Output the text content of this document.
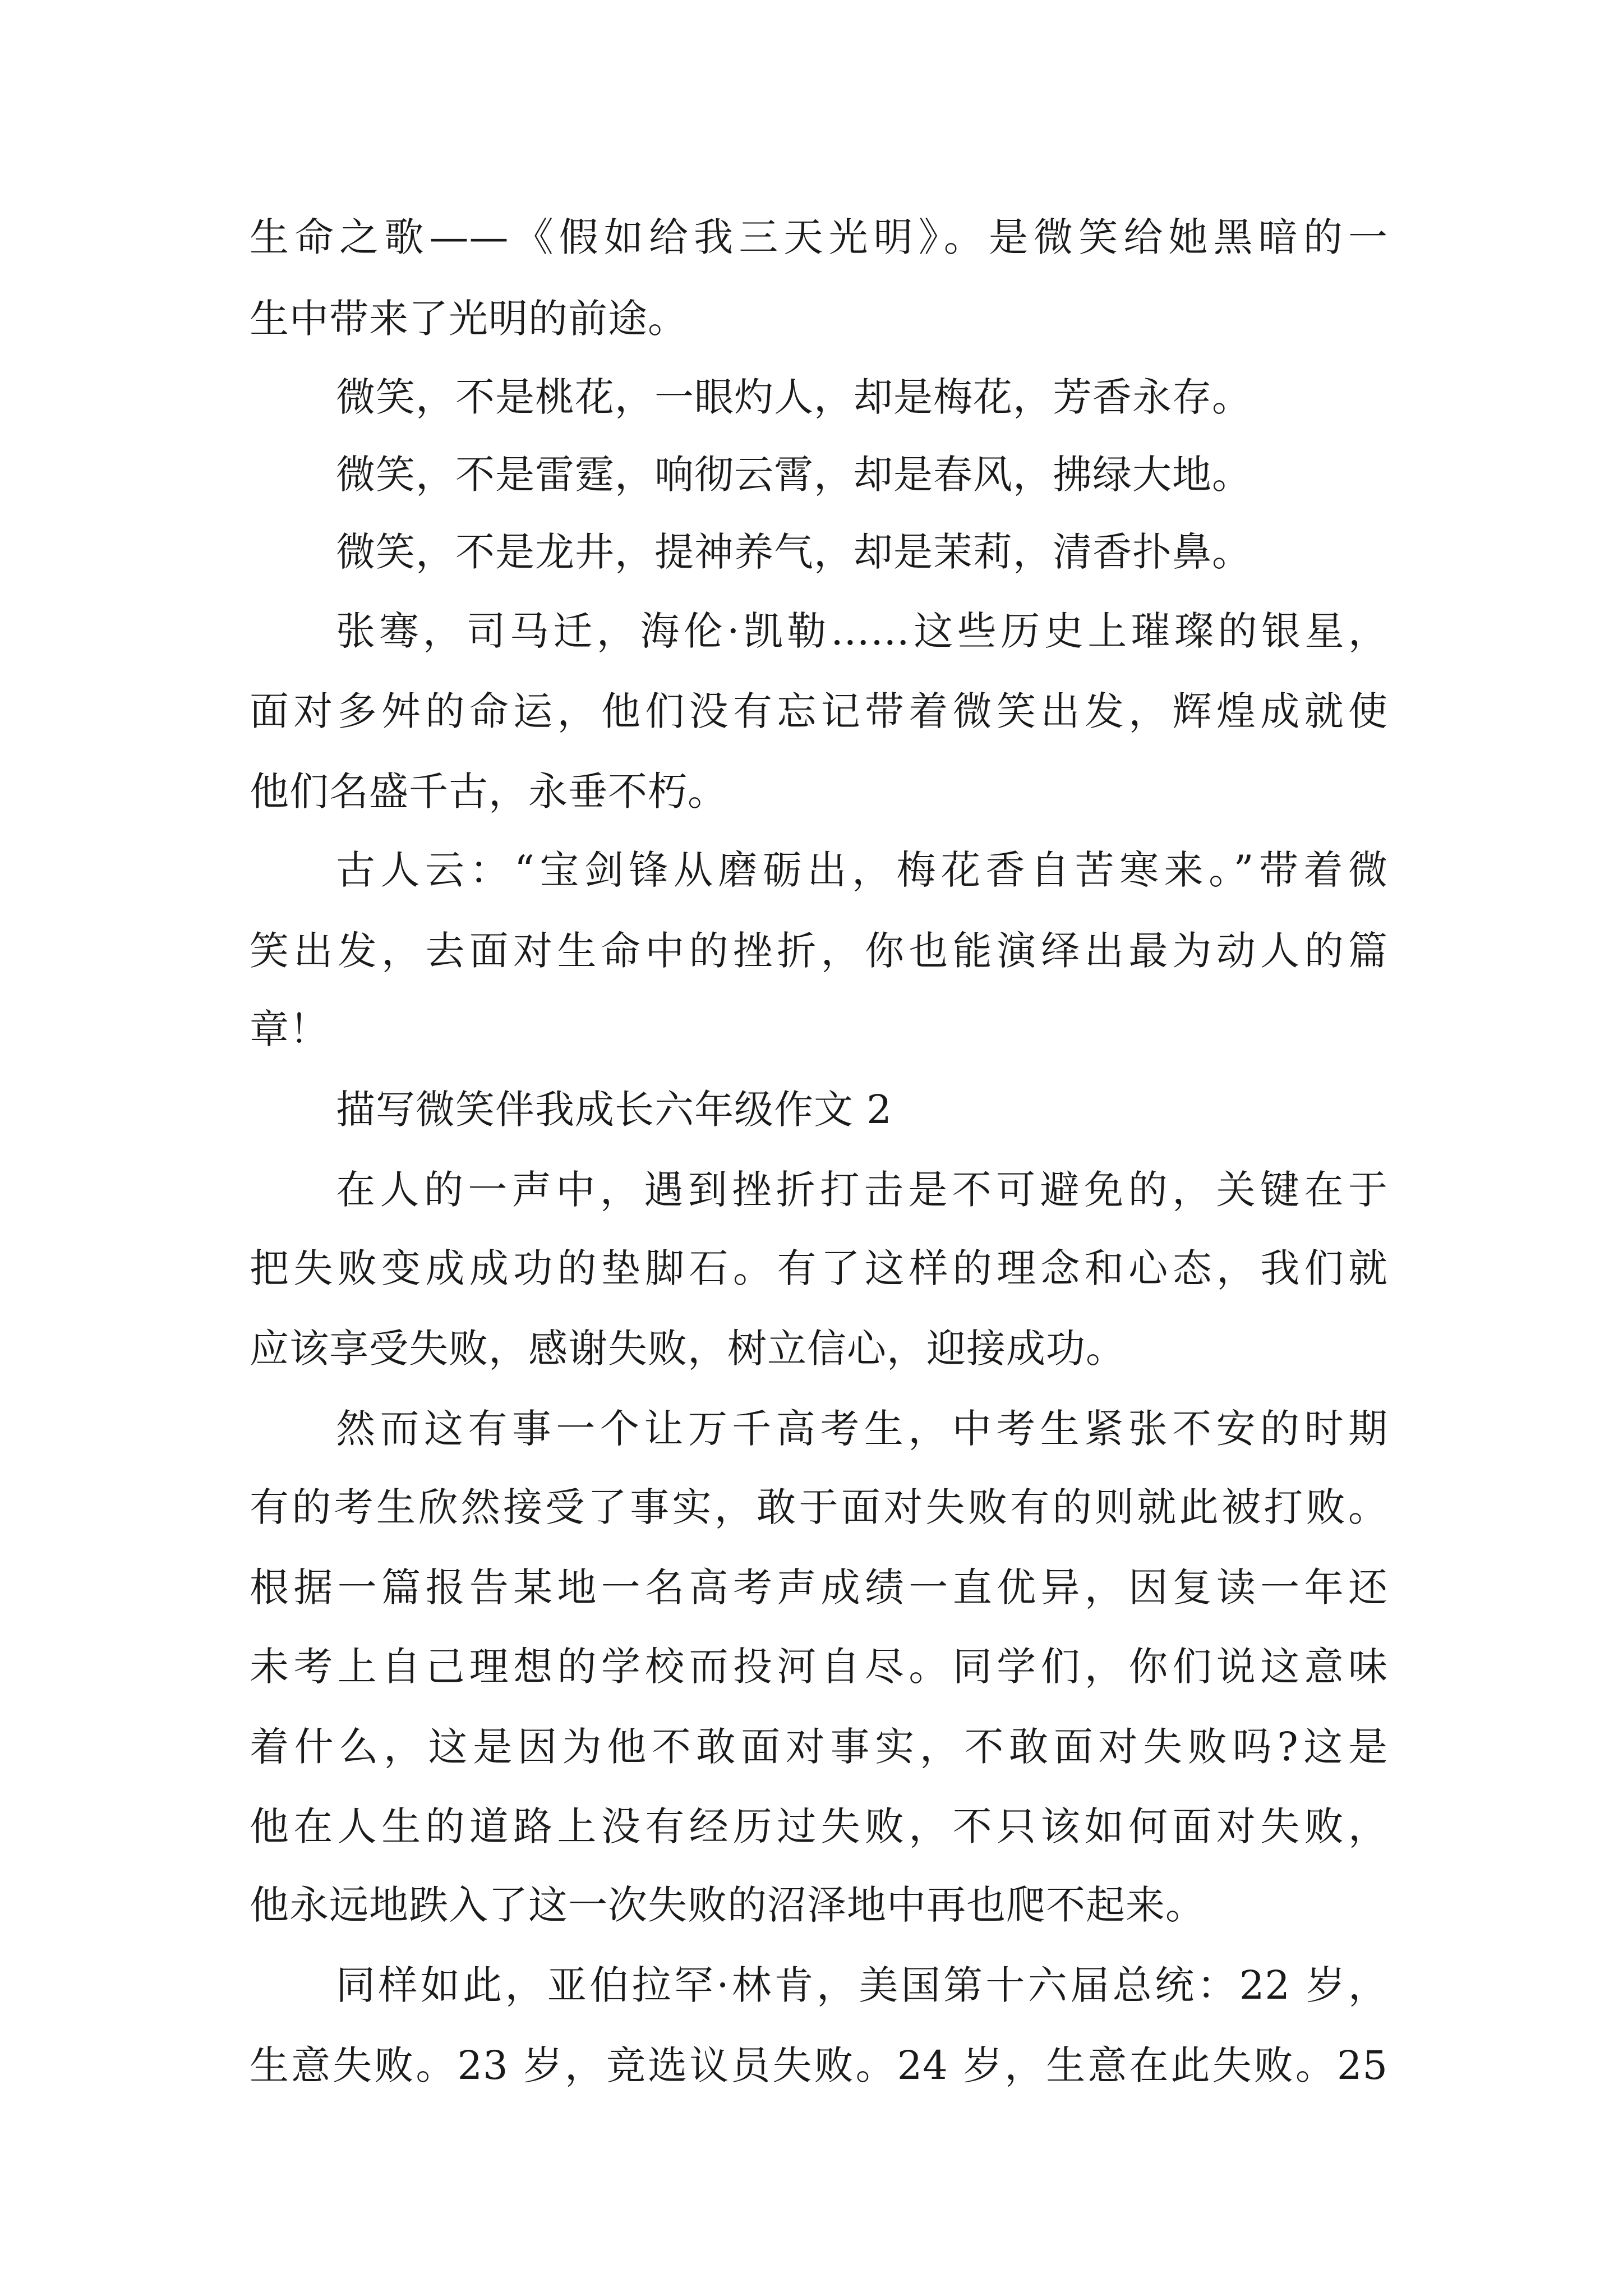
生命之歌——《假如给我三天光明》。是微笑给她黑暗的一
生中带来了光明的前途。
微笑，不是桃花，一眼灼人，却是梅花，芳香永存。
微笑，不是雷霆，响彻云霄，却是春风，拂绿大地。
微笑，不是龙井，提神养气，却是茉莉，清香扑鼻。
张骞，司马迁，海伦·凯勒……这些历史上璀璨的银星，
面对多舛的命运，他们没有忘记带着微笑出发，辉煌成就使
他们名盛千古，永垂不朽。
古人云：“宝剑锋从磨砺出，梅花香自苦寒来。”带着微
笑出发，去面对生命中的挫折，你也能演绎出最为动人的篇
章！
描写微笑伴我成长六年级作文 2
在人的一声中，遇到挫折打击是不可避免的，关键在于
把失败变成成功的垫脚石。有了这样的理念和心态，我们就
应该享受失败，感谢失败，树立信心，迎接成功。
然而这有事一个让万千高考生，中考生紧张不安的时期
有的考生欣然接受了事实，敢于面对失败有的则就此被打败。
根据一篇报告某地一名高考声成绩一直优异，因复读一年还
未考上自己理想的学校而投河自尽。同学们，你们说这意味
着什么，这是因为他不敢面对事实，不敢面对失败吗?这是
他在人生的道路上没有经历过失败，不只该如何面对失败，
他永远地跌入了这一次失败的沼泽地中再也爬不起来。
同样如此，亚伯拉罕·林肯，美国第十六届总统：22 岁，
生意失败。23 岁，竞选议员失败。24 岁，生意在此失败。25
